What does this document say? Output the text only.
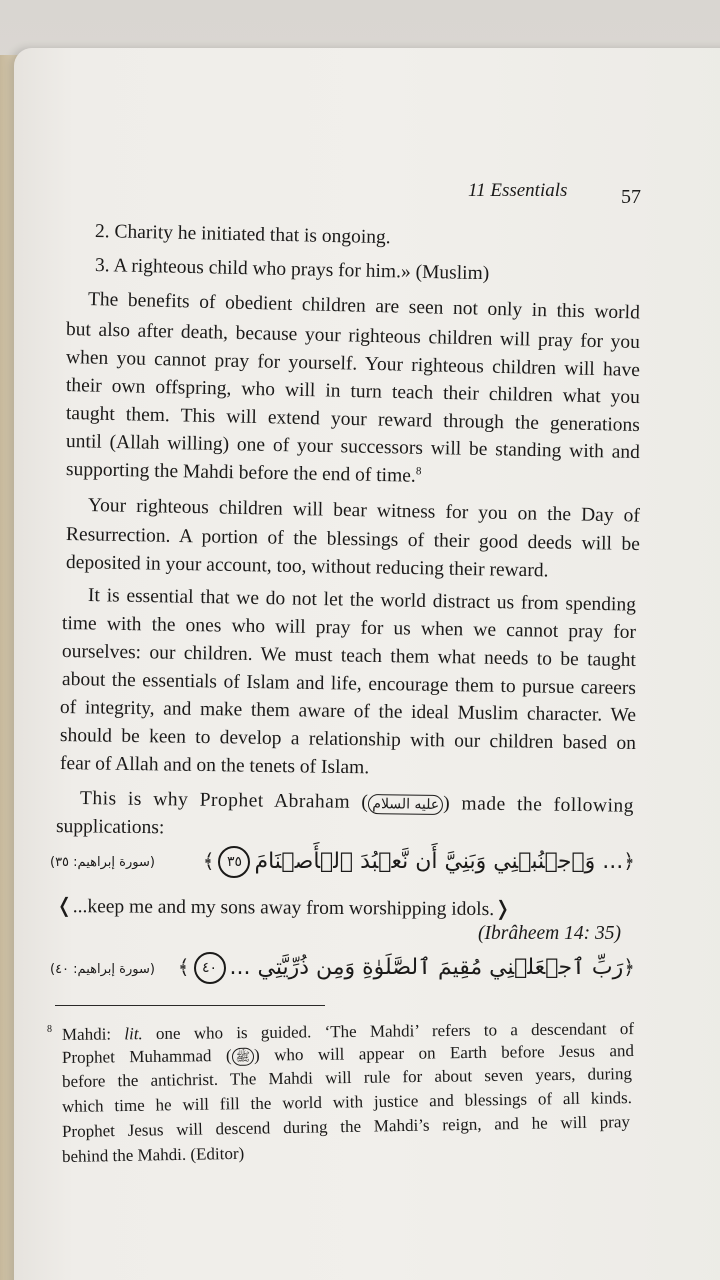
11 Essentials	57
2. Charity he initiated that is ongoing.
3. A righteous child who prays for him.» (Muslim)
The benefits of obedient children are seen not only in this world
but also after death, because your righteous children will pray for you
when you cannot pray for yourself. Your righteous children will have
their own offspring, who will in turn teach their children what you
taught them. This will extend your reward through the generations
until (Allah willing) one of your successors will be standing with and
supporting the Mahdi before the end of time.$^8$
Your righteous children will bear witness for you on the Day of
Resurrection. A portion of the blessings of their good deeds will be
deposited in your account, too, without reducing their reward.
It is essential that we do not let the world distract us from spending
time with the ones who will pray for us when we cannot pray for
ourselves: our children. We must teach them what needs to be taught
about the essentials of Islam and life, encourage them to pursue careers
of integrity, and make them aware of the ideal Muslim character. We
should be keen to develop a relationship with our children based on
fear of Allah and on the tenets of Islam.
This is why Prophet Abraham ( عليه السلام ) made the following
supplications:
(سورة إبراهيم: ٣٥)	﴿... وَٱجۡنُبۡنِي وَبَنِيَّ أَن نَّعۡبُدَ ٱلۡأَصۡنَامَ٣٥﴾
❬...keep me and my sons away from worshipping idols.❭
(Ibrâheem 14: 35)
(سورة إبراهيم: ٤٠)	﴿رَبِّ ٱجۡعَلۡنِي مُقِيمَ ٱلصَّلَوٰةِ وَمِن ذُرِّيَّتِي ...٤٠﴾
8 Mahdi: lit. one who is guided. ‘The Mahdi’ refers to a descendant of
Prophet Muhammad ( ﷺ ) who will appear on Earth before Jesus and
before the antichrist. The Mahdi will rule for about seven years, during
which time he will fill the world with justice and blessings of all kinds.
Prophet Jesus will descend during the Mahdi’s reign, and he will pray
behind the Mahdi. (Editor)
